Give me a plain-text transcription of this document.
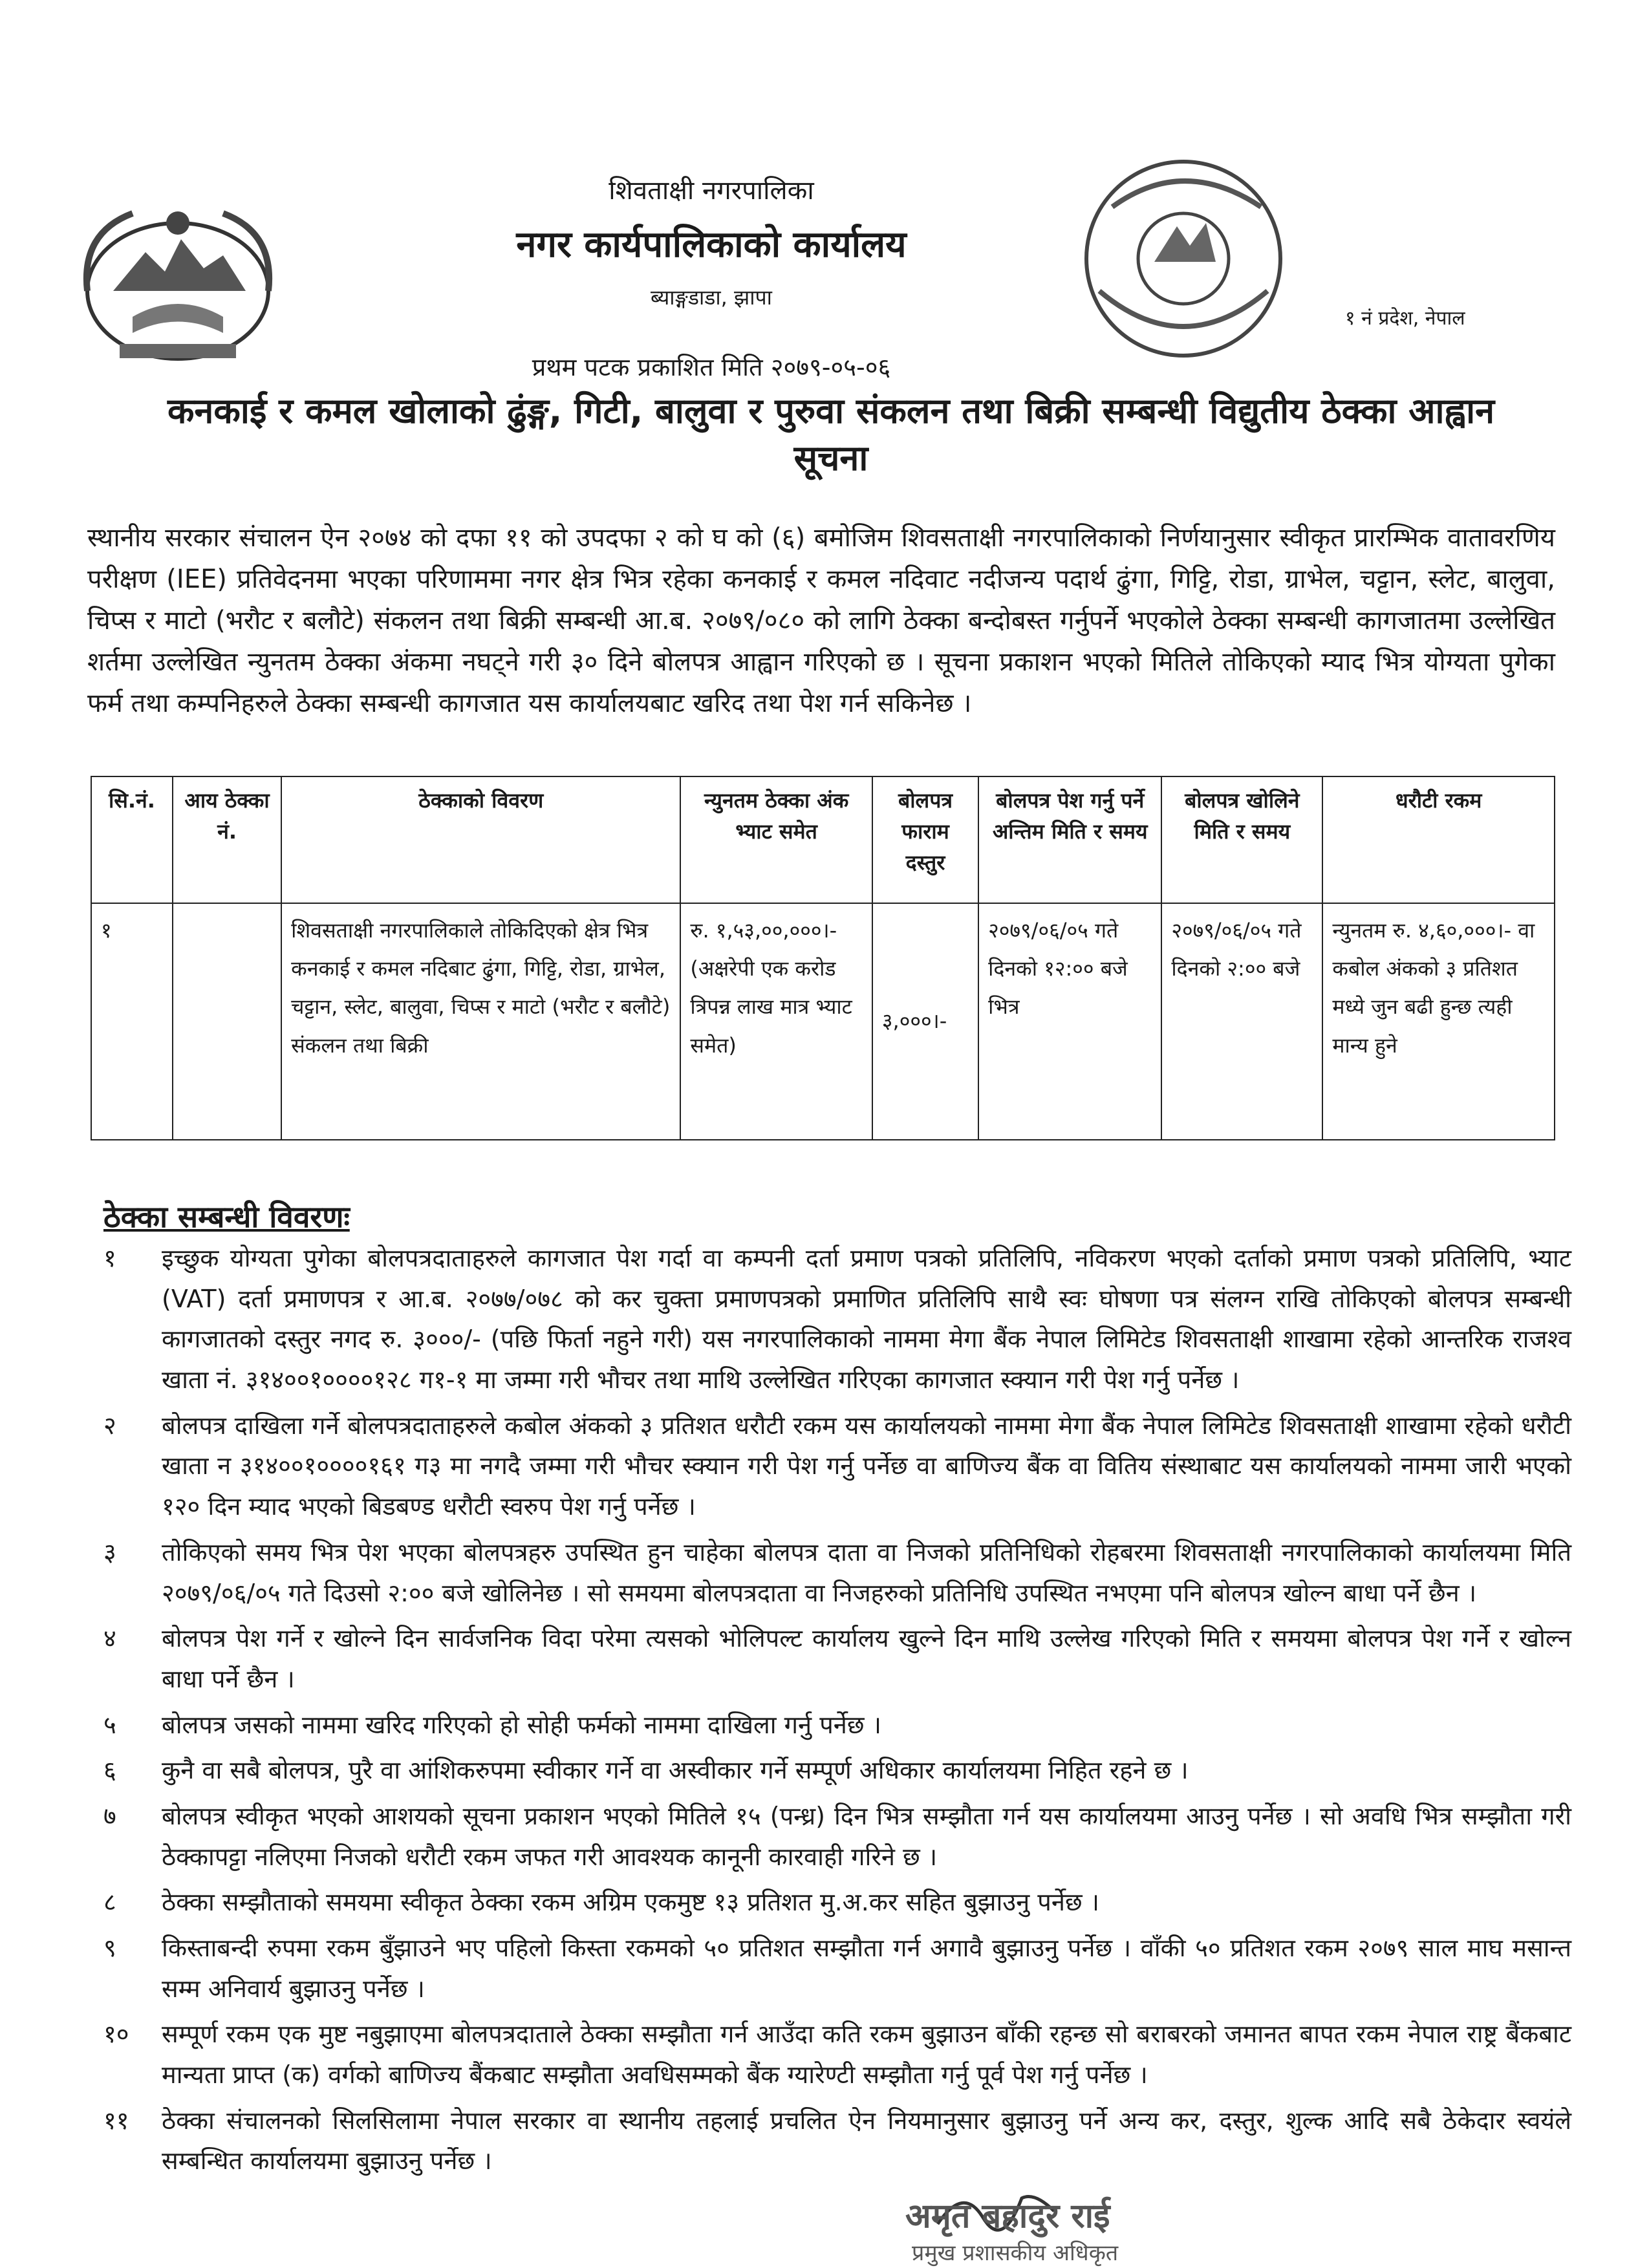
शिवताक्षी नगरपालिका
नगर कार्यपालिकाको कार्यालय
ब्याङ्गडाडा, झापा
प्रथम पटक प्रकाशित मिति २०७९-०५-०६
१ नं प्रदेश, नेपाल
कनकाई र कमल खोलाको ढुंङ्ग, गिटी, बालुवा र पुरुवा संकलन तथा बिक्री सम्बन्धी विद्युतीय ठेक्का आह्वान
सूचना
स्थानीय सरकार संचालन ऐन २०७४ को दफा ११ को उपदफा २ को घ को (६) बमोजिम शिवसताक्षी नगरपालिकाको निर्णयानुसार स्वीकृत प्रारम्भिक वातावरणिय परीक्षण (IEE) प्रतिवेदनमा भएका परिणाममा नगर क्षेत्र भित्र रहेका कनकाई र कमल नदिवाट नदीजन्य पदार्थ ढुंगा, गिट्टि, रोडा, ग्राभेल, चट्टान, स्लेट, बालुवा, चिप्स र माटो (भरौट र बलौटे) संकलन तथा बिक्री सम्बन्धी आ.ब. २०७९/०८० को लागि ठेक्का बन्दोबस्त गर्नुपर्ने भएकोले ठेक्का सम्बन्धी कागजातमा उल्लेखित शर्तमा उल्लेखित न्युनतम ठेक्का अंकमा नघट्ने गरी ३० दिने बोलपत्र आह्वान गरिएको छ । सूचना प्रकाशन भएको मितिले तोकिएको म्याद भित्र योग्यता पुगेका फर्म तथा कम्पनिहरुले ठेक्का सम्बन्धी कागजात यस कार्यालयबाट खरिद तथा पेश गर्न सकिनेछ ।
सि.नं.	आय ठेक्का नं.	ठेक्काको विवरण	न्युनतम ठेक्का अंक भ्याट समेत	बोलपत्र फाराम दस्तुर	बोलपत्र पेश गर्नु पर्ने अन्तिम मिति र समय	बोलपत्र खोलिने मिति र समय	धरौटी रकम
१		शिवसताक्षी नगरपालिकाले तोकिदिएको क्षेत्र भित्र कनकाई र कमल नदिबाट ढुंगा, गिट्टि, रोडा, ग्राभेल, चट्टान, स्लेट, बालुवा, चिप्स र माटो (भरौट र बलौटे) संकलन तथा बिक्री	रु. १,५३,००,०००।- (अक्षरेपी एक करोड त्रिपन्न लाख मात्र भ्याट समेत)	३,०००।-	२०७९/०६/०५ गते दिनको १२:०० बजे भित्र	२०७९/०६/०५ गते दिनको २:०० बजे	न्युनतम रु. ४,६०,०००।- वा कबोल अंकको ३ प्रतिशत मध्ये जुन बढी हुन्छ त्यही मान्य हुने
ठेक्का सम्बन्धी विवरणः
१	इच्छुक योग्यता पुगेका बोलपत्रदाताहरुले कागजात पेश गर्दा वा कम्पनी दर्ता प्रमाण पत्रको प्रतिलिपि, नविकरण भएको दर्ताको प्रमाण पत्रको प्रतिलिपि, भ्याट (VAT) दर्ता प्रमाणपत्र र आ.ब. २०७७/०७८ को कर चुक्ता प्रमाणपत्रको प्रमाणित प्रतिलिपि साथै स्वः घोषणा पत्र संलग्न राखि तोकिएको बोलपत्र सम्बन्धी कागजातको दस्तुर नगद रु. ३०००/- (पछि फिर्ता नहुने गरी) यस नगरपालिकाको नाममा मेगा बैंक नेपाल लिमिटेड शिवसताक्षी शाखामा रहेको आन्तरिक राजश्व खाता नं. ३१४००१००००१२८ ग१-१ मा जम्मा गरी भौचर तथा माथि उल्लेखित गरिएका कागजात स्क्यान गरी पेश गर्नु पर्नेछ ।
२	बोलपत्र दाखिला गर्ने बोलपत्रदाताहरुले कबोल अंकको ३ प्रतिशत धरौटी रकम यस कार्यालयको नाममा मेगा बैंक नेपाल लिमिटेड शिवसताक्षी शाखामा रहेको धरौटी खाता न ३१४००१००००१६१ ग३ मा नगदै जम्मा गरी भौचर स्क्यान गरी पेश गर्नु पर्नेछ वा बाणिज्य बैंक वा वितिय संस्थाबाट यस कार्यालयको नाममा जारी भएको १२० दिन म्याद भएको बिडबण्ड धरौटी स्वरुप पेश गर्नु पर्नेछ ।
३	तोकिएको समय भित्र पेश भएका बोलपत्रहरु उपस्थित हुन चाहेका बोलपत्र दाता वा निजको प्रतिनिधिको रोहबरमा शिवसताक्षी नगरपालिकाको कार्यालयमा मिति २०७९/०६/०५ गते दिउसो २:०० बजे खोलिनेछ । सो समयमा बोलपत्रदाता वा निजहरुको प्रतिनिधि उपस्थित नभएमा पनि बोलपत्र खोल्न बाधा पर्ने छैन ।
४	बोलपत्र पेश गर्ने र खोल्ने दिन सार्वजनिक विदा परेमा त्यसको भोलिपल्ट कार्यालय खुल्ने दिन माथि उल्लेख गरिएको मिति र समयमा बोलपत्र पेश गर्ने र खोल्न बाधा पर्ने छैन ।
५	बोलपत्र जसको नाममा खरिद गरिएको हो सोही फर्मको नाममा दाखिला गर्नु पर्नेछ ।
६	कुनै वा सबै बोलपत्र, पुरै वा आंशिकरुपमा स्वीकार गर्ने वा अस्वीकार गर्ने सम्पूर्ण अधिकार कार्यालयमा निहित रहने छ ।
७	बोलपत्र स्वीकृत भएको आशयको सूचना प्रकाशन भएको मितिले १५ (पन्ध्र) दिन भित्र सम्झौता गर्न यस कार्यालयमा आउनु पर्नेछ । सो अवधि भित्र सम्झौता गरी ठेक्कापट्टा नलिएमा निजको धरौटी रकम जफत गरी आवश्यक कानूनी कारवाही गरिने छ ।
८	ठेक्का सम्झौताको समयमा स्वीकृत ठेक्का रकम अग्रिम एकमुष्ट १३ प्रतिशत मु.अ.कर सहित बुझाउनु पर्नेछ ।
९	किस्ताबन्दी रुपमा रकम बुँझाउने भए पहिलो किस्ता रकमको ५० प्रतिशत सम्झौता गर्न अगावै बुझाउनु पर्नेछ । वाँकी ५० प्रतिशत रकम २०७९ साल माघ मसान्त सम्म अनिवार्य बुझाउनु पर्नेछ ।
१०	सम्पूर्ण रकम एक मुष्ट नबुझाएमा बोलपत्रदाताले ठेक्का सम्झौता गर्न आउँदा कति रकम बुझाउन बाँकी रहन्छ सो बराबरको जमानत बापत रकम नेपाल राष्ट्र बैंकबाट मान्यता प्राप्त (क) वर्गको बाणिज्य बैंकबाट सम्झौता अवधिसम्मको बैंक ग्यारेण्टी सम्झौता गर्नु पूर्व पेश गर्नु पर्नेछ ।
११	ठेक्का संचालनको सिलसिलामा नेपाल सरकार वा स्थानीय तहलाई प्रचलित ऐन नियमानुसार बुझाउनु पर्ने अन्य कर, दस्तुर, शुल्क आदि सबै ठेकेदार स्वयंले सम्बन्धित कार्यालयमा बुझाउनु पर्नेछ ।
अमृत बहादुर राई
प्रमुख प्रशासकीय अधिकृत
